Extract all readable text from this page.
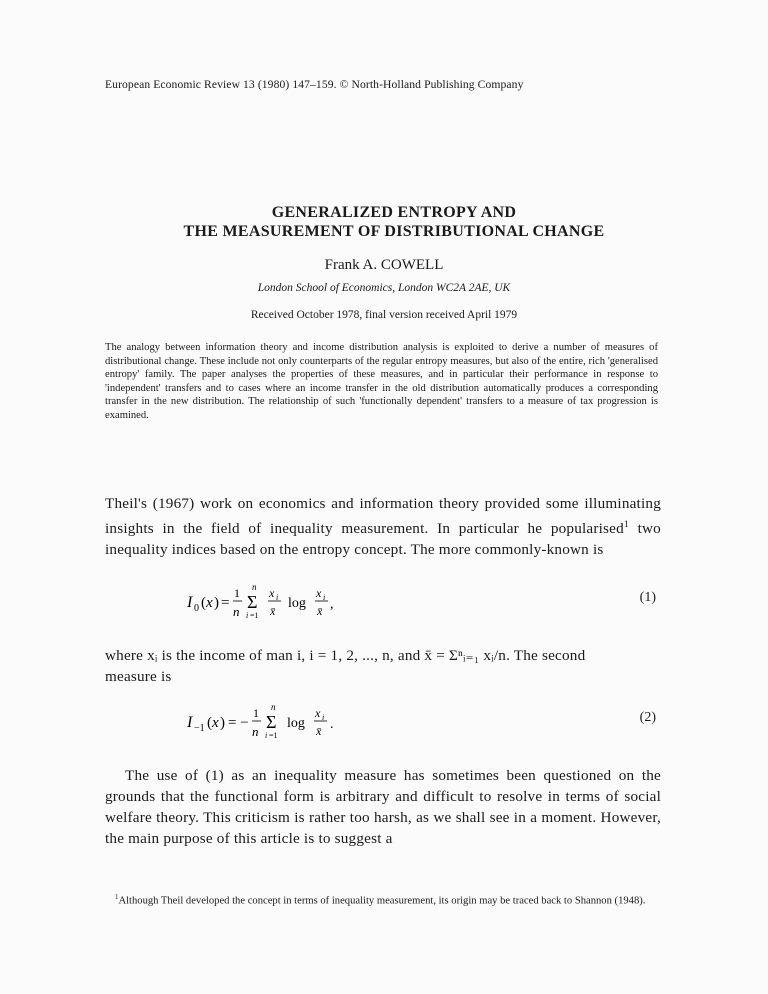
European Economic Review 13 (1980) 147–159. © North-Holland Publishing Company
GENERALIZED ENTROPY AND
THE MEASUREMENT OF DISTRIBUTIONAL CHANGE
Frank A. COWELL
London School of Economics, London WC2A 2AE, UK
Received October 1978, final version received April 1979
The analogy between information theory and income distribution analysis is exploited to derive a number of measures of distributional change. These include not only counterparts of the regular entropy measures, but also of the entire, rich 'generalised entropy' family. The paper analyses the properties of these measures, and in particular their performance in response to 'independent' transfers and to cases where an income transfer in the old distribution automatically produces a corresponding transfer in the new distribution. The relationship of such 'functionally dependent' transfers to a measure of tax progression is examined.
Theil's (1967) work on economics and information theory provided some illuminating insights in the field of inequality measurement. In particular he popularised$^1$ two inequality indices based on the entropy concept. The more commonly-known is
I 0 ( x ) =
1
n
n
Σ
i =1
x i
x̄ log
x i
x̄ ,	(1)
where xᵢ is the income of man i, i = 1, 2, ..., n, and x̄ = Σⁿᵢ₌₁ xᵢ/n. The second
measure is
I −1 ( x ) = −
1
n
n
Σ
i =1
log
x i
x̄ .	(2)
The use of (1) as an inequality measure has sometimes been questioned on the grounds that the functional form is arbitrary and difficult to resolve in terms of social welfare theory. This criticism is rather too harsh, as we shall see in a moment. However, the main purpose of this article is to suggest a
$^1$Although Theil developed the concept in terms of inequality measurement, its origin may be traced back to Shannon (1948).
